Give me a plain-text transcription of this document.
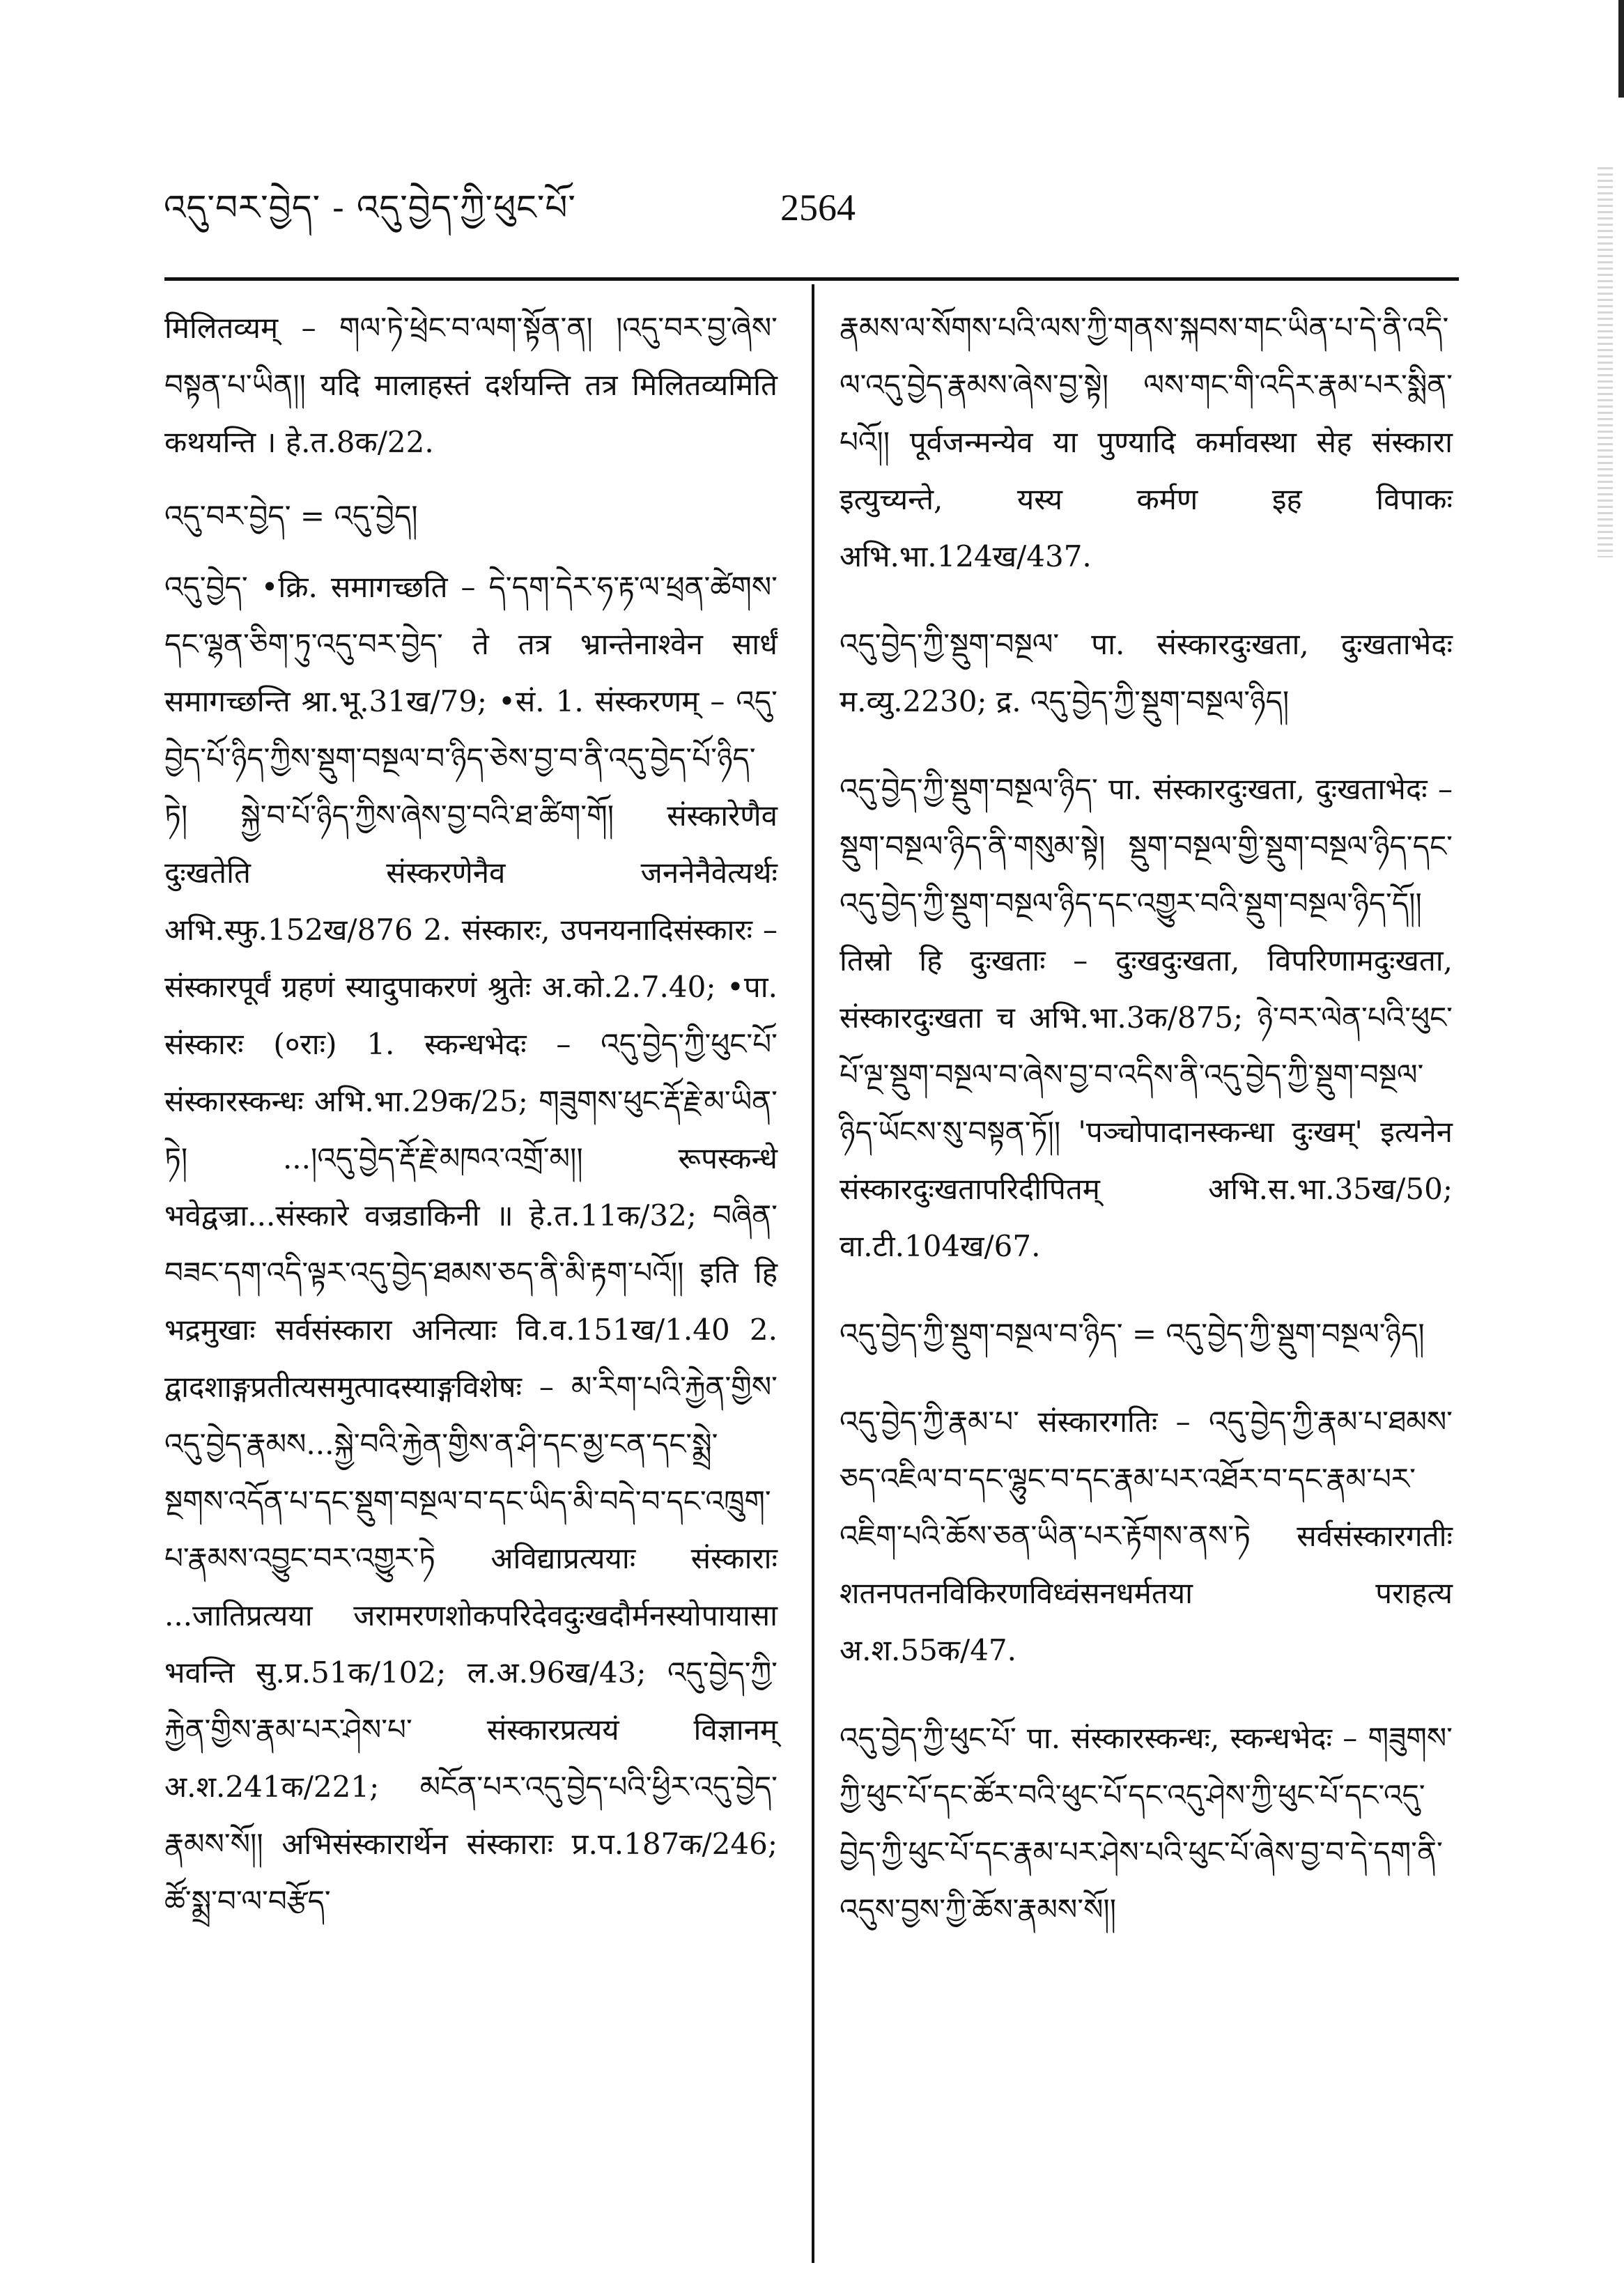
འདུ་བར་བྱེད་ - འདུ་བྱེད་ཀྱི་ཕུང་པོ་	2564

मिलितव्यम् – གལ་ཏེ་ཕྲེང་བ་ལག་སྟོན་ན། །འདུ་བར་བྱ་ཞེས་བསྟན་པ་ཡིན།། यदि मालाहस्तं दर्शयन्ति तत्र मिलितव्यमिति कथयन्ति । हे.त.8क/22.

འདུ་བར་བྱེད་ = འདུ་བྱེད།

འདུ་བྱེད་ •क्रि. समागच्छति – དེ་དག་དེར་ཧ་རྟ་ལ་ཕྲན་ཚེགས་དང་ལྷན་ཅིག་ཏུ་འདུ་བར་བྱེད་ ते तत्र भ्रान्तेनाश्वेन सार्धं समागच्छन्ति श्रा.भू.31ख/79; •सं. 1. संस्करणम् – འདུ་བྱེད་པོ་ཉིད་ཀྱིས་སྡུག་བསྔལ་བ་ཉིད་ཅེས་བྱ་བ་ནི་འདུ་བྱེད་པོ་ཉིད་ཏེ། སྐྱེ་བ་པོ་ཉིད་ཀྱིས་ཞེས་བྱ་བའི་ཐ་ཚིག་གོ། संस्कारेणैव दुःखतेति संस्करणेनैव जननेनैवेत्यर्थः अभि.स्फु.152ख/876 2. संस्कारः, उपनयनादिसंस्कारः – संस्कारपूर्वं ग्रहणं स्यादुपाकरणं श्रुतेः अ.को.2.7.40; •पा. संस्कारः (०राः) 1. स्कन्धभेदः – འདུ་བྱེད་ཀྱི་ཕུང་པོ་ संस्कारस्कन्धः अभि.भा.29क/25; གཟུགས་ཕུང་རྡོ་རྗེ་མ་ཡིན་ཏེ། ...།འདུ་བྱེད་རྡོ་རྗེ་མཁའ་འགྲོ་མ།། रूपस्कन्धे भवेद्वज्रा...संस्कारे वज्रडाकिनी ॥ हे.त.11क/32; བཞིན་བཟང་དག་འདི་ལྟར་འདུ་བྱེད་ཐམས་ཅད་ནི་མི་རྟག་པའོ།། इति हि भद्रमुखाः सर्वसंस्कारा अनित्याः वि.व.151ख/1.40 2. द्वादशाङ्गप्रतीत्यसमुत्पादस्याङ्गविशेषः – མ་རིག་པའི་རྐྱེན་གྱིས་འདུ་བྱེད་རྣམས...སྐྱེ་བའི་རྐྱེན་གྱིས་ན་ཤི་དང་མྱ་ངན་དང་སྨྲེ་སྔགས་འདོན་པ་དང་སྡུག་བསྔལ་བ་དང་ཡིད་མི་བདེ་བ་དང་འཁྲུག་པ་རྣམས་འབྱུང་བར་འགྱུར་ཏེ अविद्याप्रत्ययाः संस्काराः ...जातिप्रत्यया जरामरणशोकपरिदेवदुःखदौर्मनस्योपायासा भवन्ति सु.प्र.51क/102; ल.अ.96ख/43; འདུ་བྱེད་ཀྱི་རྐྱེན་གྱིས་རྣམ་པར་ཤེས་པ་ संस्कारप्रत्ययं विज्ञानम् अ.श.241क/221; མངོན་པར་འདུ་བྱེད་པའི་ཕྱིར་འདུ་བྱེད་རྣམས་སོ།། अभिसंस्कारार्थेन संस्काराः प्र.प.187क/246; ཚོ་སྨྲ་བ་ལ་བརྩོད་

རྣམས་ལ་སོགས་པའི་ལས་ཀྱི་གནས་སྐབས་གང་ཡིན་པ་དེ་ནི་འདི་ལ་འདུ་བྱེད་རྣམས་ཞེས་བྱ་སྟེ། ལས་གང་གི་འདིར་རྣམ་པར་སྨིན་པའོ།། पूर्वजन्मन्येव या पुण्यादि कर्मावस्था सेह संस्कारा इत्युच्यन्ते, यस्य कर्मण इह विपाकः अभि.भा.124ख/437.

འདུ་བྱེད་ཀྱི་སྡུག་བསྔལ་ पा. संस्कारदुःखता, दुःखताभेदः म.व्यु.2230; द्र. འདུ་བྱེད་ཀྱི་སྡུག་བསྔལ་ཉིད།

འདུ་བྱེད་ཀྱི་སྡུག་བསྔལ་ཉིད་ पा. संस्कारदुःखता, दुःखताभेदः – སྡུག་བསྔལ་ཉིད་ནི་གསུམ་སྟེ། སྡུག་བསྔལ་གྱི་སྡུག་བསྔལ་ཉིད་དང་འདུ་བྱེད་ཀྱི་སྡུག་བསྔལ་ཉིད་དང་འགྱུར་བའི་སྡུག་བསྔལ་ཉིད་དོ།། तिस्रो हि दुःखताः – दुःखदुःखता, विपरिणामदुःखता, संस्कारदुःखता च अभि.भा.3क/875; ཉེ་བར་ལེན་པའི་ཕུང་པོ་ལྔ་སྡུག་བསྔལ་བ་ཞེས་བྱ་བ་འདིས་ནི་འདུ་བྱེད་ཀྱི་སྡུག་བསྔལ་ཉིད་ཡོངས་སུ་བསྟན་ཏོ།། 'पञ्चोपादानस्कन्धा दुःखम्' इत्यनेन संस्कारदुःखतापरिदीपितम् अभि.स.भा.35ख/50; वा.टी.104ख/67.

འདུ་བྱེད་ཀྱི་སྡུག་བསྔལ་བ་ཉིད་ = འདུ་བྱེད་ཀྱི་སྡུག་བསྔལ་ཉིད།

འདུ་བྱེད་ཀྱི་རྣམ་པ་ संस्कारगतिः – འདུ་བྱེད་ཀྱི་རྣམ་པ་ཐམས་ཅད་འཇིལ་བ་དང་ལྷུང་བ་དང་རྣམ་པར་འཐོར་བ་དང་རྣམ་པར་འཇིག་པའི་ཆོས་ཅན་ཡིན་པར་རྟོགས་ནས་ཏེ सर्वसंस्कारगतीः शतनपतनविकिरणविध्वंसनधर्मतया पराहत्य अ.श.55क/47.

འདུ་བྱེད་ཀྱི་ཕུང་པོ་ पा. संस्कारस्कन्धः, स्कन्धभेदः – གཟུགས་ཀྱི་ཕུང་པོ་དང་ཚོར་བའི་ཕུང་པོ་དང་འདུ་ཤེས་ཀྱི་ཕུང་པོ་དང་འདུ་བྱེད་ཀྱི་ཕུང་པོ་དང་རྣམ་པར་ཤེས་པའི་ཕུང་པོ་ཞེས་བྱ་བ་དེ་དག་ནི་འདུས་བྱས་ཀྱི་ཆོས་རྣམས་སོ།།
